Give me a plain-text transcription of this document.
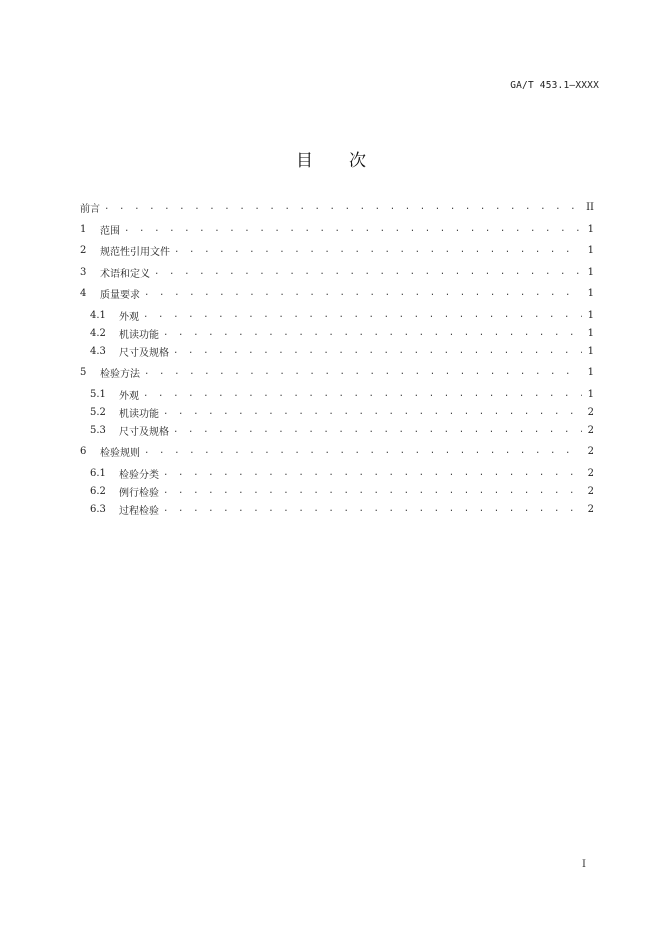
GA/T 453.1—XXXX
目 次
前言 . . .	II
1	范围 . . .	1
2	规范性引用文件 . . .	1
3	术语和定义 . . .	1
4	质量要求 . . .	1
4.1	外观 . . .	1
4.2	机读功能 . . .	1
4.3	尺寸及规格 . . .	1
5	检验方法 . . .	1
5.1	外观 . . .	1
5.2	机读功能 . . .	2
5.3	尺寸及规格 . . .	2
6	检验规则 . . .	2
6.1	检验分类 . . .	2
6.2	例行检验 . . .	2
6.3	过程检验 . . .	2
I
